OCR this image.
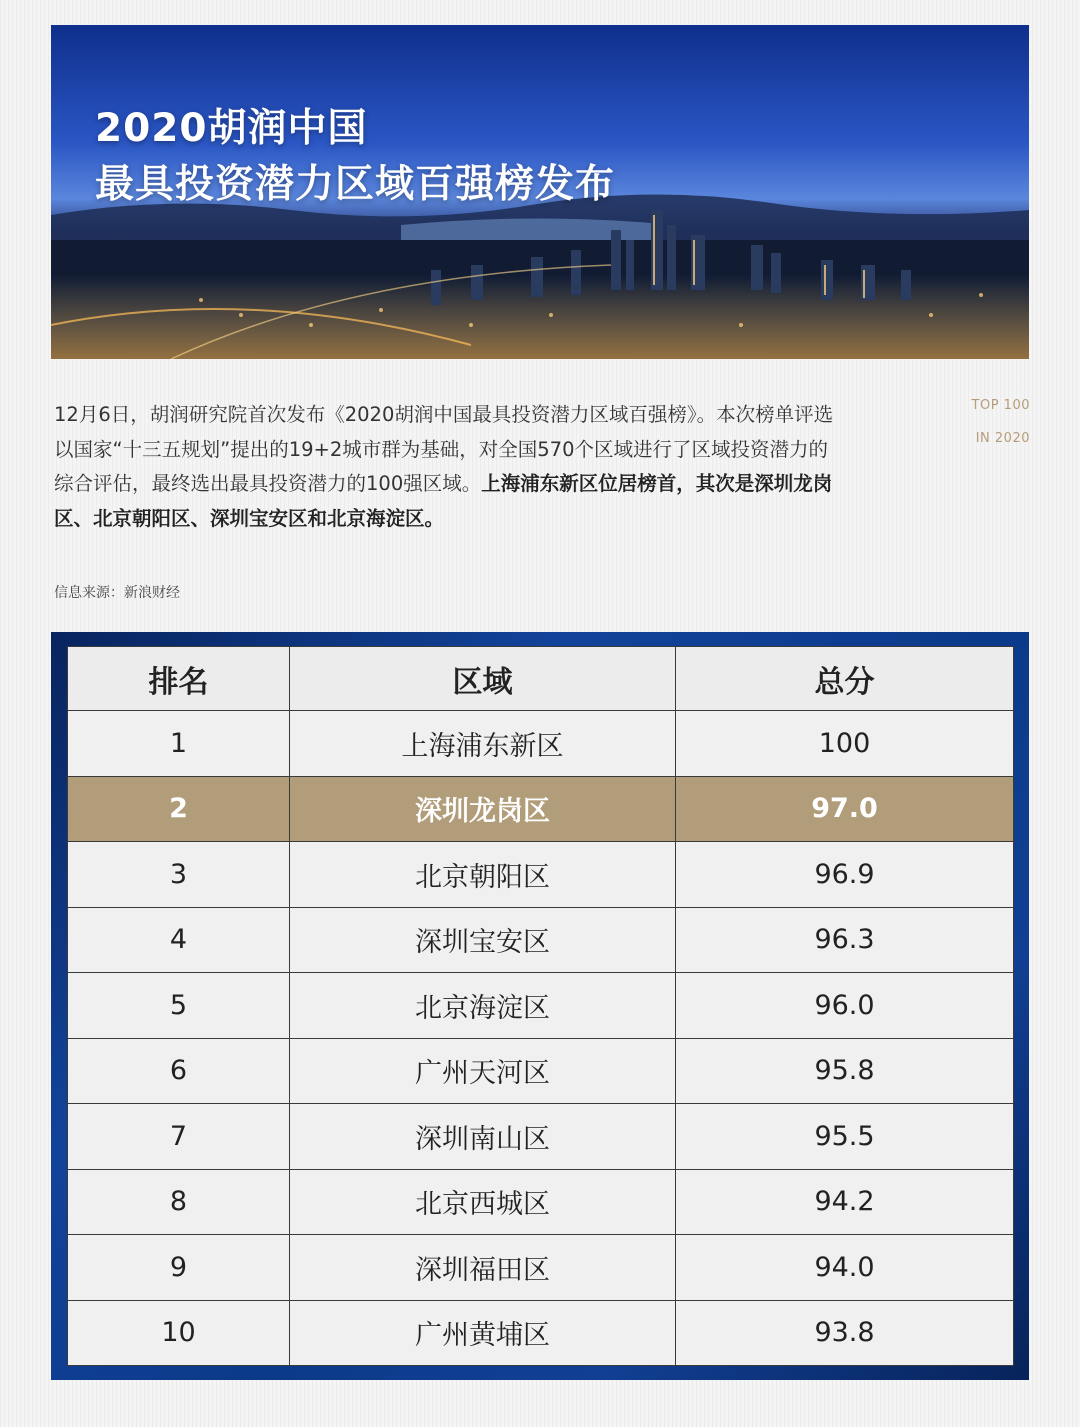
2020胡润中国
最具投资潜力区域百强榜发布

12月6日，胡润研究院首次发布《2020胡润中国最具投资潜力区域百强榜》。本次榜单评选以国家“十三五规划”提出的19+2城市群为基础，对全国570个区域进行了区域投资潜力的综合评估，最终选出最具投资潜力的100强区域。上海浦东新区位居榜首，其次是深圳龙岗区、北京朝阳区、深圳宝安区和北京海淀区。

信息来源：新浪财经
TOP 100
IN 2020
排名	区域	总分
1	上海浦东新区	100
2	深圳龙岗区	97.0
3	北京朝阳区	96.9
4	深圳宝安区	96.3
5	北京海淀区	96.0
6	广州天河区	95.8
7	深圳南山区	95.5
8	北京西城区	94.2
9	深圳福田区	94.0
10	广州黄埔区	93.8
